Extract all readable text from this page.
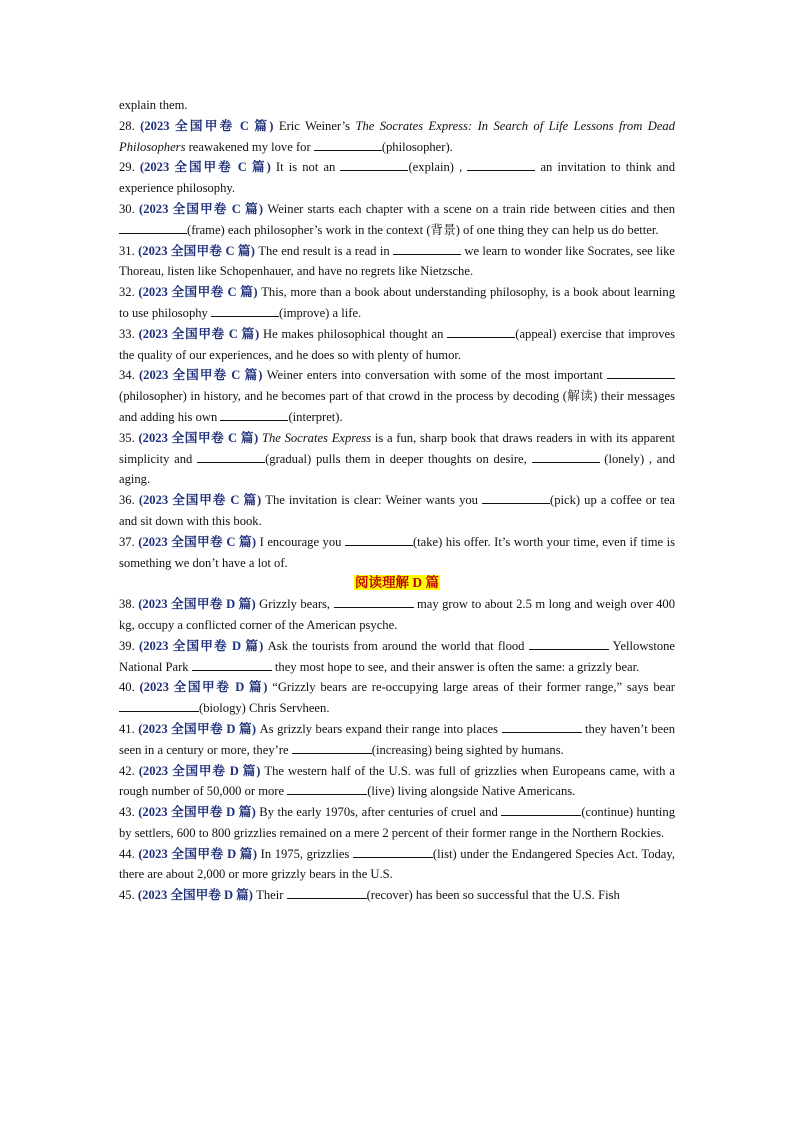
explain them.

28. (2023 全国甲卷 C 篇) Eric Weiner’s The Socrates Express: In Search of Life Lessons from Dead Philosophers reawakened my love for	(philosopher).

29. (2023 全国甲卷 C 篇) It is not an	(explain) ,	an invitation to think and experience philosophy.

30. (2023 全国甲卷 C 篇) Weiner starts each chapter with a scene on a train ride between cities and then (frame) each philosopher’s work in the context (背景) of one thing they can help us do better.

31. (2023 全国甲卷 C 篇) The end result is a read in	we learn to wonder like Socrates, see like Thoreau, listen like Schopenhauer, and have no regrets like Nietzsche.

32. (2023 全国甲卷 C 篇) This, more than a book about understanding philosophy, is a book about learning to use philosophy	(improve) a life.

33. (2023 全国甲卷 C 篇) He makes philosophical thought an	(appeal) exercise that improves the quality of our experiences, and he does so with plenty of humor.

34. (2023 全国甲卷 C 篇) Weiner enters into conversation with some of the most important  (philosopher) in history, and he becomes part of that crowd in the process by decoding (解读) their messages and adding his own	(interpret).

35. (2023 全国甲卷 C 篇) The Socrates Express is a fun, sharp book that draws readers in with its apparent simplicity and	(gradual) pulls them in deeper thoughts on desire,	(lonely) , and aging.

36. (2023 全国甲卷 C 篇) The invitation is clear: Weiner wants you	(pick) up a coffee or tea and sit down with this book.

37. (2023 全国甲卷 C 篇) I encourage you	(take) his offer. It’s worth your time, even if time is something we don’t have a lot of.

阅读理解 D 篇

38. (2023 全国甲卷 D 篇) Grizzly bears,	may grow to about 2.5 m long and weigh over 400 kg, occupy a conflicted corner of the American psyche.

39. (2023 全国甲卷 D 篇) Ask the tourists from around the world that flood	Yellowstone National Park	they most hope to see, and their answer is often the same: a grizzly bear.

40. (2023 全国甲卷 D 篇) “Grizzly bears are re-occupying large areas of their former range,” says bear (biology) Chris Servheen.

41. (2023 全国甲卷 D 篇) As grizzly bears expand their range into places	they haven’t been seen in a century or more, they’re	(increasing) being sighted by humans.

42. (2023 全国甲卷 D 篇) The western half of the U.S. was full of grizzlies when Europeans came, with a rough number of 50,000 or more	(live) living alongside Native Americans.

43. (2023 全国甲卷 D 篇) By the early 1970s, after centuries of cruel and	(continue) hunting by settlers, 600 to 800 grizzlies remained on a mere 2 percent of their former range in the Northern Rockies.

44. (2023 全国甲卷 D 篇) In 1975, grizzlies	(list) under the Endangered Species Act. Today, there are about 2,000 or more grizzly bears in the U.S.

45. (2023 全国甲卷 D 篇) Their	(recover) has been so successful that the U.S. Fish
